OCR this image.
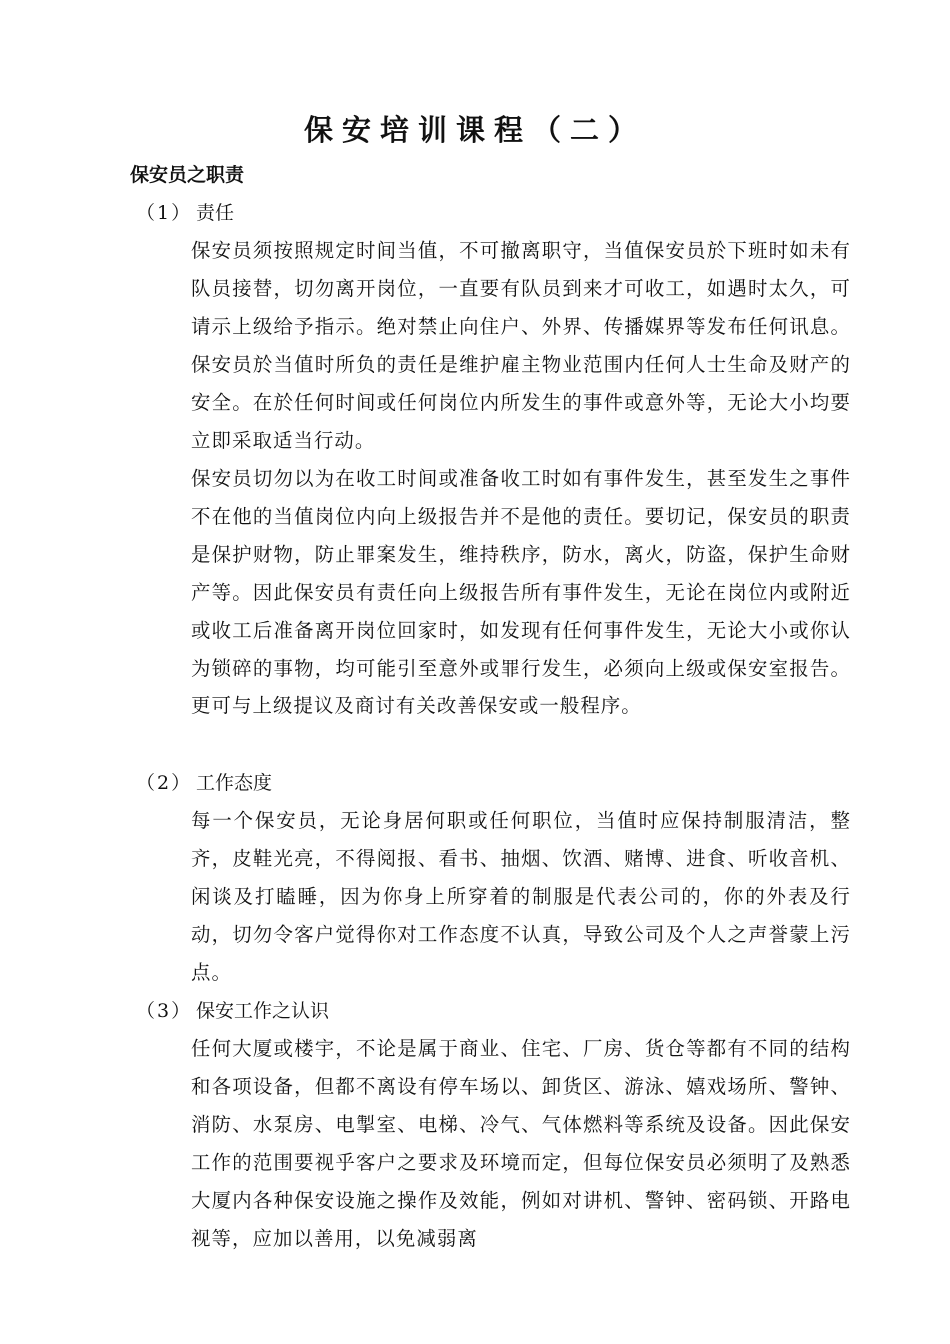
保安培训课程（二）
保安员之职责
（1） 责任

保安员须按照规定时间当值，不可撤离职守，当值保安员於下班时如未有队员接替，切勿离开岗位，一直要有队员到来才可收工，如遇时太久，可请示上级给予指示。绝对禁止向住户、外界、传播媒界等发布任何讯息。保安员於当值时所负的责任是维护雇主物业范围内任何人士生命及财产的安全。在於任何时间或任何岗位内所发生的事件或意外等，无论大小均要立即采取适当行动。

保安员切勿以为在收工时间或准备收工时如有事件发生，甚至发生之事件不在他的当值岗位内向上级报告并不是他的责任。要切记，保安员的职责是保护财物，防止罪案发生，维持秩序，防水，离火，防盗，保护生命财产等。因此保安员有责任向上级报告所有事件发生，无论在岗位内或附近或收工后准备离开岗位回家时，如发现有任何事件发生，无论大小或你认为锁碎的事物，均可能引至意外或罪行发生，必须向上级或保安室报告。更可与上级提议及商讨有关改善保安或一般程序。

（2） 工作态度

每一个保安员，无论身居何职或任何职位，当值时应保持制服清洁，整齐，皮鞋光亮，不得阅报、看书、抽烟、饮酒、赌博、进食、听收音机、闲谈及打瞌睡，因为你身上所穿着的制服是代表公司的，你的外表及行动，切勿令客户觉得你对工作态度不认真，导致公司及个人之声誉蒙上污点。

（3） 保安工作之认识

任何大厦或楼宇，不论是属于商业、住宅、厂房、货仓等都有不同的结构和各项设备，但都不离设有停车场以、卸货区、游泳、嬉戏场所、警钟、消防、水泵房、电掣室、电梯、冷气、气体燃料等系统及设备。因此保安工作的范围要视乎客户之要求及环境而定，但每位保安员必须明了及熟悉大厦内各种保安设施之操作及效能，例如对讲机、警钟、密码锁、开路电视等，应加以善用，以免减弱离
